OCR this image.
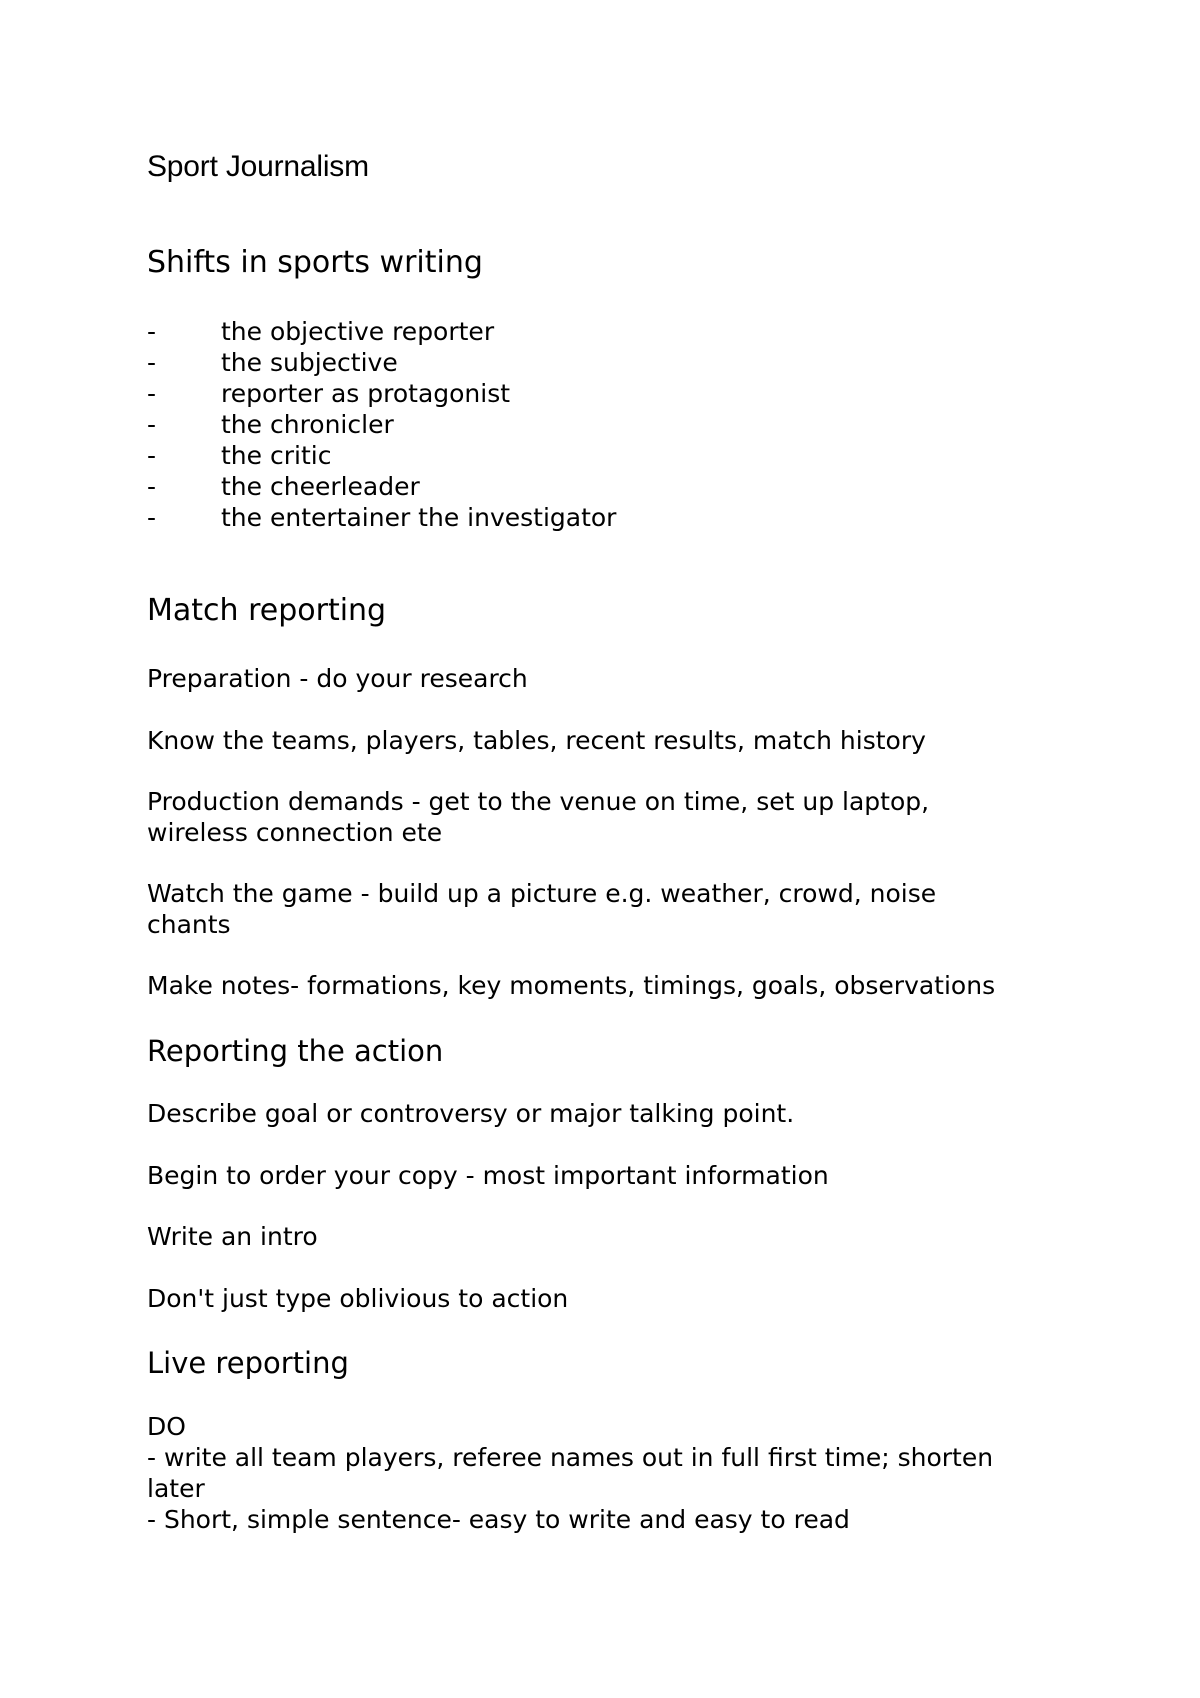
Sport Journalism
Shifts in sports writing
-	the objective reporter
-	the subjective
-	reporter as protagonist
-	the chronicler
-	the critic
-	the cheerleader
-	the entertainer the investigator
Match reporting

Preparation - do your research

Know the teams, players, tables, recent results, match history

Production demands - get to the venue on time, set up laptop,
wireless connection ete

Watch the game - build up a picture e.g. weather, crowd, noise
chants

Make notes- formations, key moments, timings, goals, observations

Reporting the action

Describe goal or controversy or major talking point.

Begin to order your copy - most important information

Write an intro

Don't just type oblivious to action

Live reporting

DO
- write all team players, referee names out in full first time; shorten
later
- Short, simple sentence- easy to write and easy to read
